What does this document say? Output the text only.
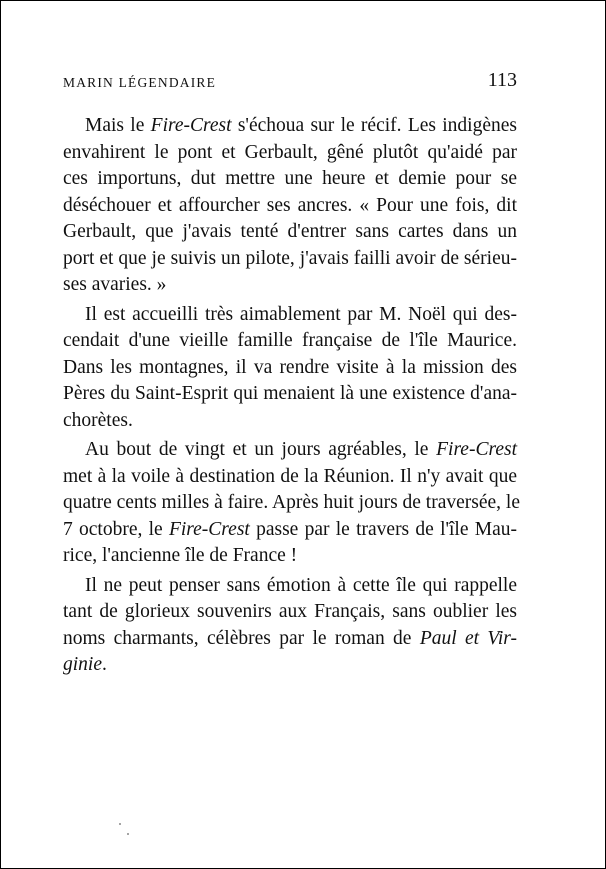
MARIN LÉGENDAIRE	113
Mais le Fire-Crest s'échoua sur le récif. Les indigènes
envahirent le pont et Gerbault, gêné plutôt qu'aidé par
ces importuns, dut mettre une heure et demie pour se
déséchouer et affourcher ses ancres. « Pour une fois, dit
Gerbault, que j'avais tenté d'entrer sans cartes dans un
port et que je suivis un pilote, j'avais failli avoir de sérieu-
ses avaries. »
Il est accueilli très aimablement par M. Noël qui des-
cendait d'une vieille famille française de l'île Maurice.
Dans les montagnes, il va rendre visite à la mission des
Pères du Saint-Esprit qui menaient là une existence d'ana-
chorètes.
Au bout de vingt et un jours agréables, le Fire-Crest
met à la voile à destination de la Réunion. Il n'y avait que
quatre cents milles à faire. Après huit jours de traversée, le
7 octobre, le Fire-Crest passe par le travers de l'île Mau-
rice, l'ancienne île de France !
Il ne peut penser sans émotion à cette île qui rappelle
tant de glorieux souvenirs aux Français, sans oublier les
noms charmants, célèbres par le roman de Paul et Vir-
ginie.
